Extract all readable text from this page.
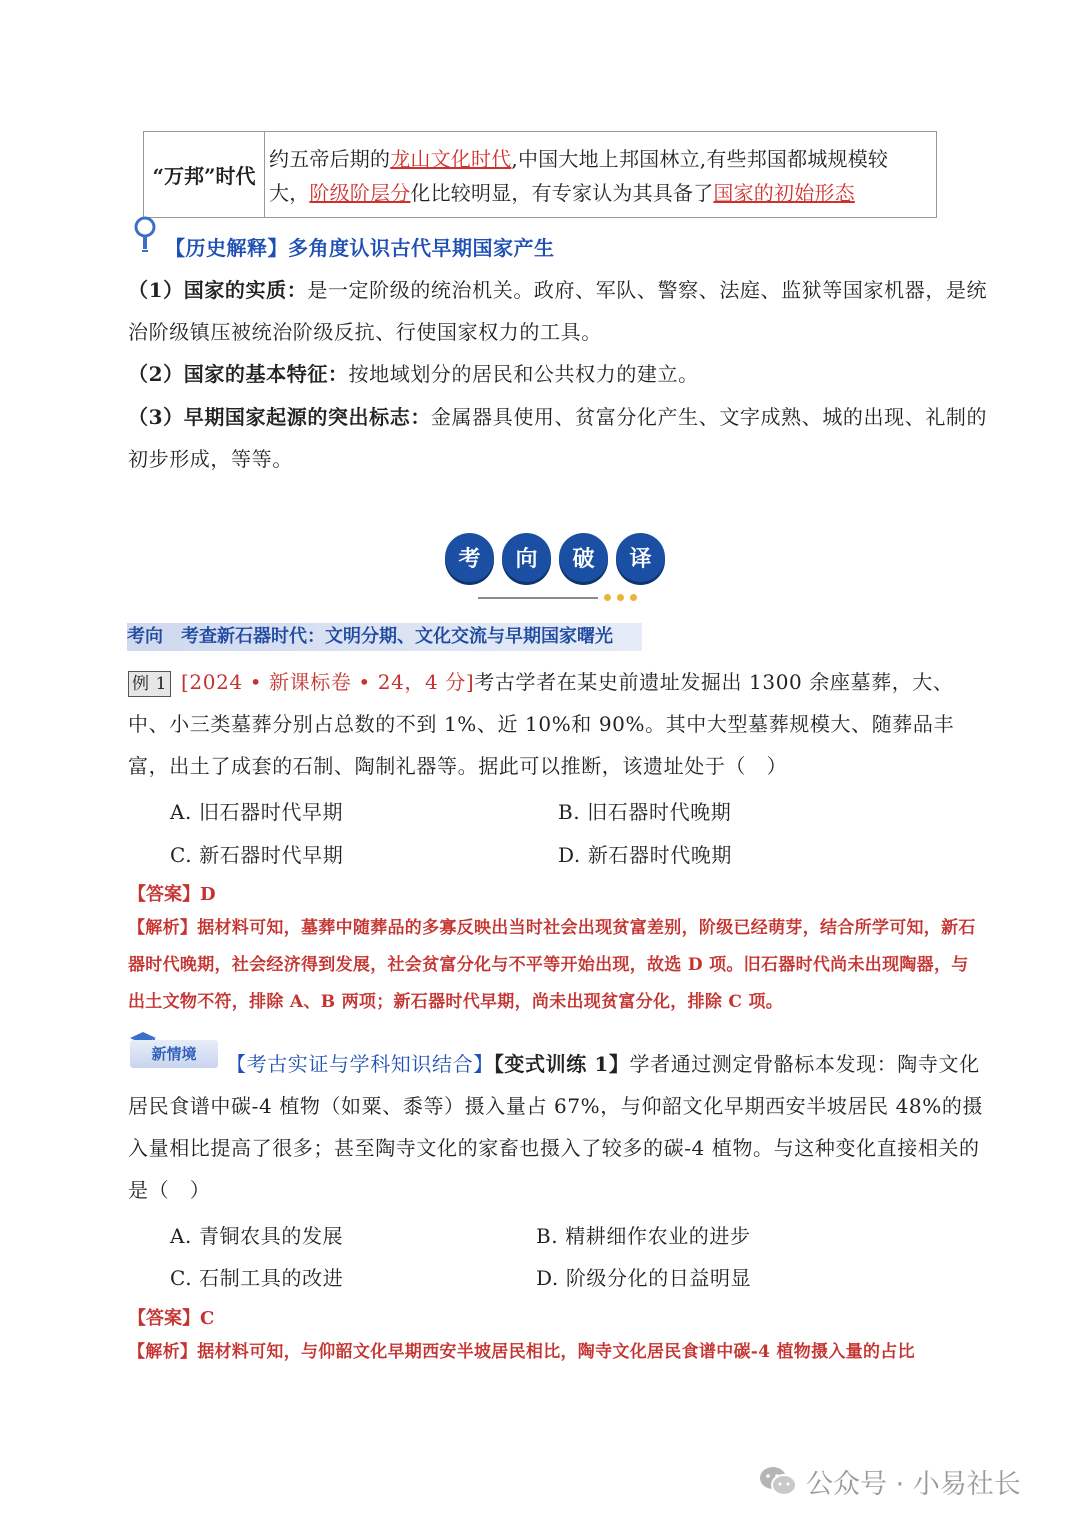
“万邦”时代
约五帝后期的龙山文化时代,中国大地上邦国林立,有些邦国都城规模较
大，阶级阶层分化比较明显，有专家认为其具备了国家的初始形态
【历史解释】多角度认识古代早期国家产生
（1）国家的实质：是一定阶级的统治机关。政府、军队、警察、法庭、监狱等国家机器，是统治阶级镇压被统治阶级反抗、行使国家权力的工具。
（2）国家的基本特征：按地域划分的居民和公共权力的建立。
（3）早期国家起源的突出标志：金属器具使用、贫富分化产生、文字成熟、城的出现、礼制的初步形成，等等。
考	向	破	译
考向　考查新石器时代：文明分期、文化交流与早期国家曙光
例 1 [2024 • 新课标卷 • 24，4 分]考古学者在某史前遗址发掘出 1300 余座墓葬，大、中、小三类墓葬分别占总数的不到 1%、近 10%和 90%。其中大型墓葬规模大、随葬品丰富，出土了成套的石制、陶制礼器等。据此可以推断，该遗址处于（　）
A. 旧石器时代早期	B. 旧石器时代晚期
C. 新石器时代早期	D. 新石器时代晚期
【答案】D
【解析】据材料可知，墓葬中随葬品的多寡反映出当时社会出现贫富差别，阶级已经萌芽，结合所学可知，新石器时代晚期，社会经济得到发展，社会贫富分化与不平等开始出现，故选 D 项。旧石器时代尚未出现陶器，与出土文物不符，排除 A、B 两项；新石器时代早期，尚未出现贫富分化，排除 C 项。
新情境	【考古实证与学科知识结合】【变式训练 1】学者通过测定骨骼标本发现：陶寺文化居民食谱中碳-4 植物（如粟、黍等）摄入量占 67%，与仰韶文化早期西安半坡居民 48%的摄入量相比提高了很多；甚至陶寺文化的家畜也摄入了较多的碳-4 植物。与这种变化直接相关的是（　）
A. 青铜农具的发展	B. 精耕细作农业的进步
C. 石制工具的改进	D. 阶级分化的日益明显
【答案】C
【解析】据材料可知，与仰韶文化早期西安半坡居民相比，陶寺文化居民食谱中碳-4 植物摄入量的占比
公众号 · 小易社长
